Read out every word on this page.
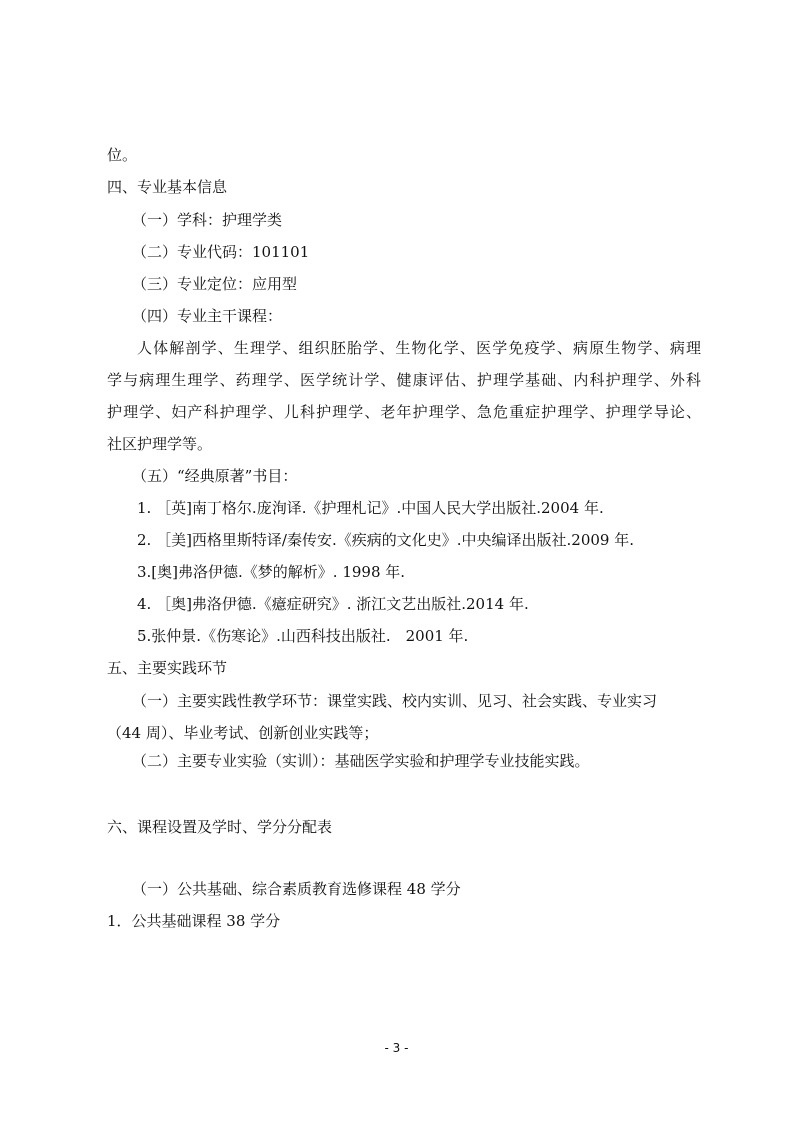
位。
四、专业基本信息
（一）学科：护理学类
（二）专业代码：101101
（三）专业定位：应用型
（四）专业主干课程：
人体解剖学、生理学、组织胚胎学、生物化学、医学免疫学、病原生物学、病理
学与病理生理学、药理学、医学统计学、健康评估、护理学基础、内科护理学、外科
护理学、妇产科护理学、儿科护理学、老年护理学、急危重症护理学、护理学导论、
社区护理学等。
（五）“经典原著”书目：
1. ［英]南丁格尔.庞洵译.《护理札记》.中国人民大学出版社.2004 年.
2. ［美]西格里斯特译/秦传安.《疾病的文化史》.中央编译出版社.2009 年.
3.[奥]弗洛伊德.《梦的解析》. 1998 年.
4. ［奥]弗洛伊德.《癔症研究》. 浙江文艺出版社.2014 年.
5.张仲景.《伤寒论》.山西科技出版社.　2001 年.
五、主要实践环节
（一）主要实践性教学环节：课堂实践、校内实训、见习、社会实践、专业实习
（44 周）、毕业考试、创新创业实践等；
（二）主要专业实验（实训）：基础医学实验和护理学专业技能实践。
六、课程设置及学时、学分分配表
（一）公共基础、综合素质教育选修课程 48 学分
1．公共基础课程 38 学分
- 3 -
